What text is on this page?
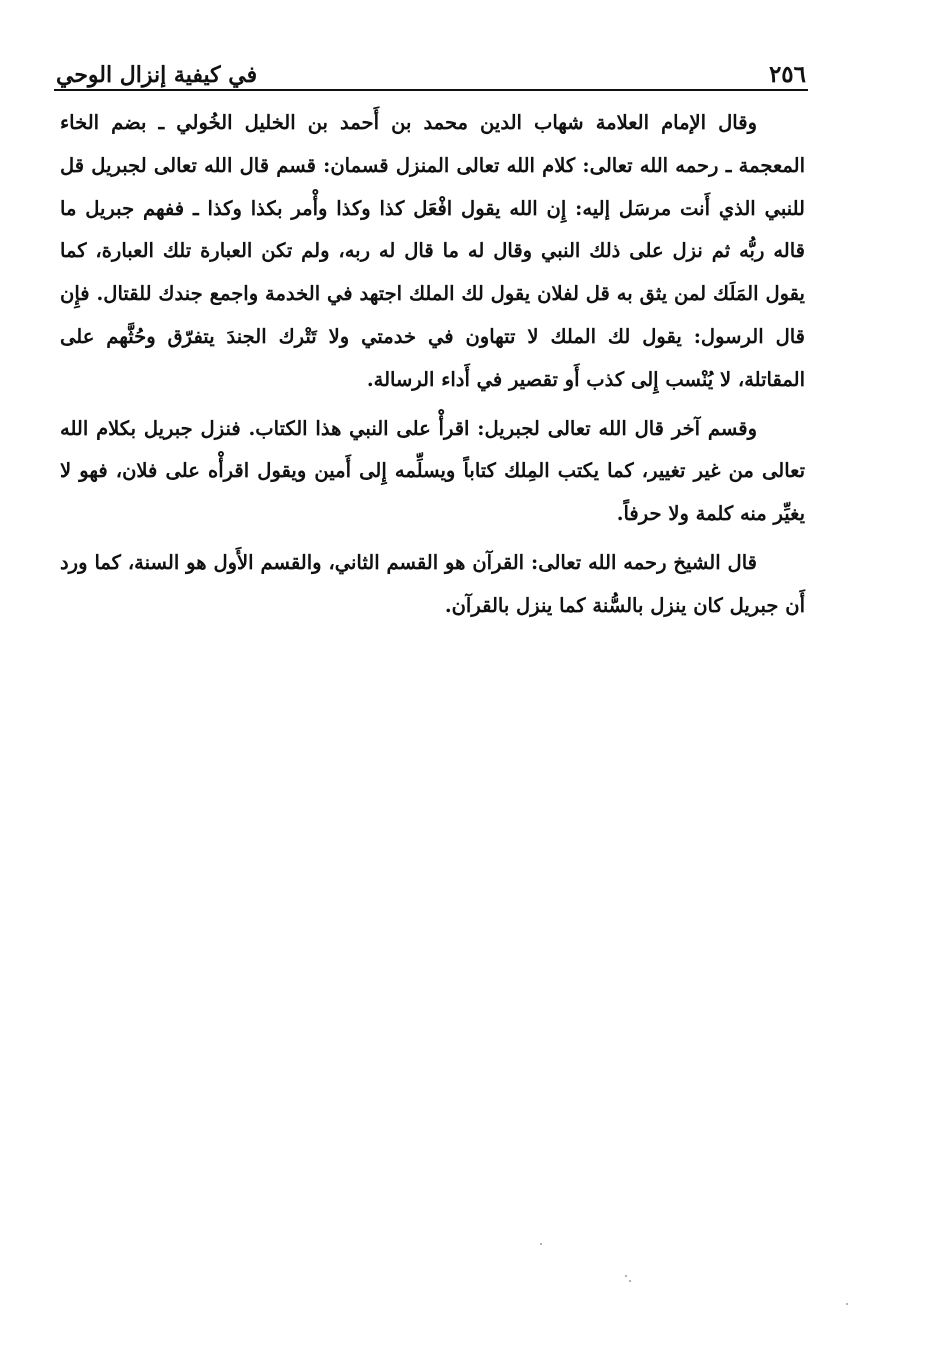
٢٥٦
في كيفية إنزال الوحي

وقال الإمام العلامة شهاب الدين محمد بن أَحمد بن الخليل الخُولي ـ بضم الخاء المعجمة ـ رحمه الله تعالى: كلام الله تعالى المنزل قسمان: قسم قال الله تعالى لجبريل قل للنبي الذي أَنت مرسَل إليه: إِن الله يقول افْعَل كذا وكذا وأْمر بكذا وكذا ـ ففهم جبريل ما قاله ربُّه ثم نزل على ذلك النبي وقال له ما قال له ربه، ولم تكن العبارة تلك العبارة، كما يقول المَلَك لمن يثق به قل لفلان يقول لك الملك اجتهد في الخدمة واجمع جندك للقتال. فإِن قال الرسول: يقول لك الملك لا تتهاون في خدمتي ولا تَتْرك الجندَ يتفرّق وحُثَّهم على المقاتلة، لا يُنْسب إِلى كذب أَو تقصير في أَداء الرسالة.

وقسم آخر قال الله تعالى لجبريل: اقرأْ على النبي هذا الكتاب. فنزل جبريل بكلام الله تعالى من غير تغيير، كما يكتب المِلك كتاباً ويسلِّمه إِلى أَمين ويقول اقرأْه على فلان، فهو لا يغيِّر منه كلمة ولا حرفاً.

قال الشيخ رحمه الله تعالى: القرآن هو القسم الثاني، والقسم الأَول هو السنة، كما ورد أَن جبريل كان ينزل بالسُّنة كما ينزل بالقرآن.
